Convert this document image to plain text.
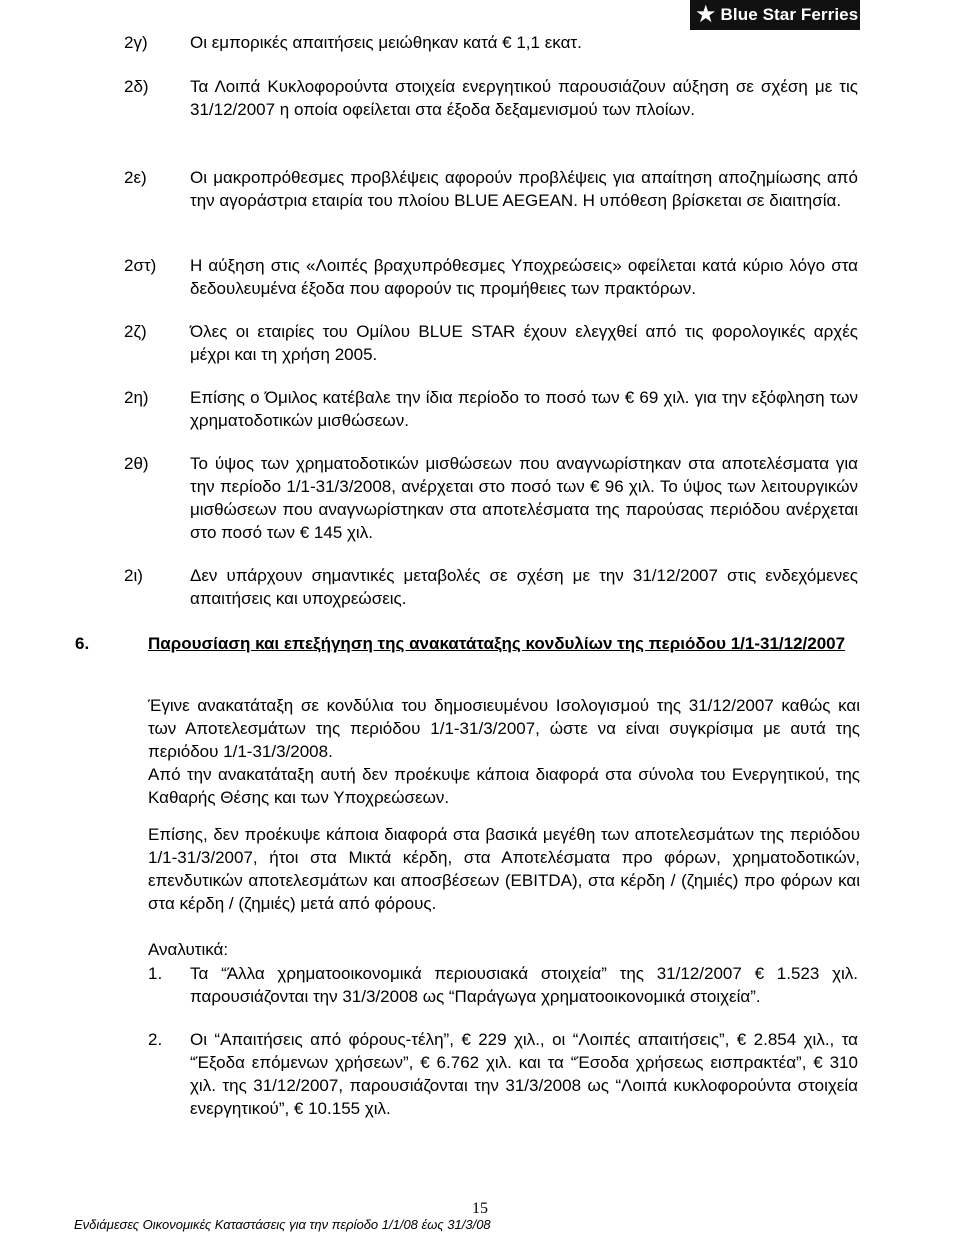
★ Blue Star Ferries
2γ) Οι εμπορικές απαιτήσεις μειώθηκαν κατά € 1,1 εκατ.
2δ) Τα Λοιπά Κυκλοφορούντα στοιχεία ενεργητικού παρουσιάζουν αύξηση σε σχέση με τις 31/12/2007 η οποία οφείλεται στα έξοδα δεξαμενισμού των πλοίων.
2ε)	Οι μακροπρόθεσμες προβλέψεις αφορούν προβλέψεις για απαίτηση αποζημίωσης από την αγοράστρια εταιρία του πλοίου BLUE AEGEAN. Η υπόθεση βρίσκεται σε διαιτησία.
2στ) Η αύξηση στις «Λοιπές βραχυπρόθεσμες Υποχρεώσεις» οφείλεται κατά κύριο λόγο στα δεδουλευμένα έξοδα που αφορούν τις προμήθειες των πρακτόρων.
2ζ)	Όλες οι εταιρίες του Ομίλου BLUE STAR έχουν ελεγχθεί από τις φορολογικές αρχές μέχρι και τη χρήση 2005.
2η) Επίσης ο Όμιλος κατέβαλε την ίδια περίοδο το ποσό των € 69 χιλ. για την εξόφληση των χρηματοδοτικών μισθώσεων.
2θ) Το ύψος των χρηματοδοτικών μισθώσεων που αναγνωρίστηκαν στα αποτελέσματα για την περίοδο 1/1-31/3/2008, ανέρχεται στο ποσό των € 96 χιλ. Το ύψος των λειτουργικών μισθώσεων που αναγνωρίστηκαν στα αποτελέσματα της παρούσας περιόδου ανέρχεται στο ποσό των € 145 χιλ.
2ι)	Δεν υπάρχουν σημαντικές μεταβολές σε σχέση με την 31/12/2007 στις ενδεχόμενες απαιτήσεις και υποχρεώσεις.
6.	Παρουσίαση και επεξήγηση της ανακατάταξης κονδυλίων της περιόδου 1/1-31/12/2007
Έγινε ανακατάταξη σε κονδύλια του δημοσιευμένου Ισολογισμού της 31/12/2007 καθώς και των Αποτελεσμάτων της περιόδου 1/1-31/3/2007, ώστε να είναι συγκρίσιμα με αυτά της περιόδου 1/1-31/3/2008.
Από την ανακατάταξη αυτή δεν προέκυψε κάποια διαφορά στα σύνολα του Ενεργητικού, της Καθαρής Θέσης και των Υποχρεώσεων.
Επίσης, δεν προέκυψε κάποια διαφορά στα βασικά μεγέθη των αποτελεσμάτων της περιόδου 1/1-31/3/2007, ήτοι στα Μικτά κέρδη, στα Αποτελέσματα προ φόρων, χρηματοδοτικών, επενδυτικών αποτελεσμάτων και αποσβέσεων (EBITDA), στα κέρδη / (ζημιές) προ φόρων και στα κέρδη / (ζημιές) μετά από φόρους.
Αναλυτικά:
1. Τα “Άλλα χρηματοοικονομικά περιουσιακά στοιχεία” της 31/12/2007 € 1.523 χιλ. παρουσιάζονται την 31/3/2008 ως “Παράγωγα χρηματοοικονομικά στοιχεία”.
2. Οι “Απαιτήσεις από φόρους-τέλη”, € 229 χιλ., οι “Λοιπές απαιτήσεις”, € 2.854 χιλ., τα “Έξοδα επόμενων χρήσεων”, € 6.762 χιλ. και τα “Έσοδα χρήσεως εισπρακτέα”, € 310 χιλ. της 31/12/2007, παρουσιάζονται την 31/3/2008 ως “Λοιπά κυκλοφορούντα στοιχεία ενεργητικού”, € 10.155 χιλ.
15
Ενδιάμεσες Οικονομικές Καταστάσεις για την περίοδο 1/1/08 έως 31/3/08
